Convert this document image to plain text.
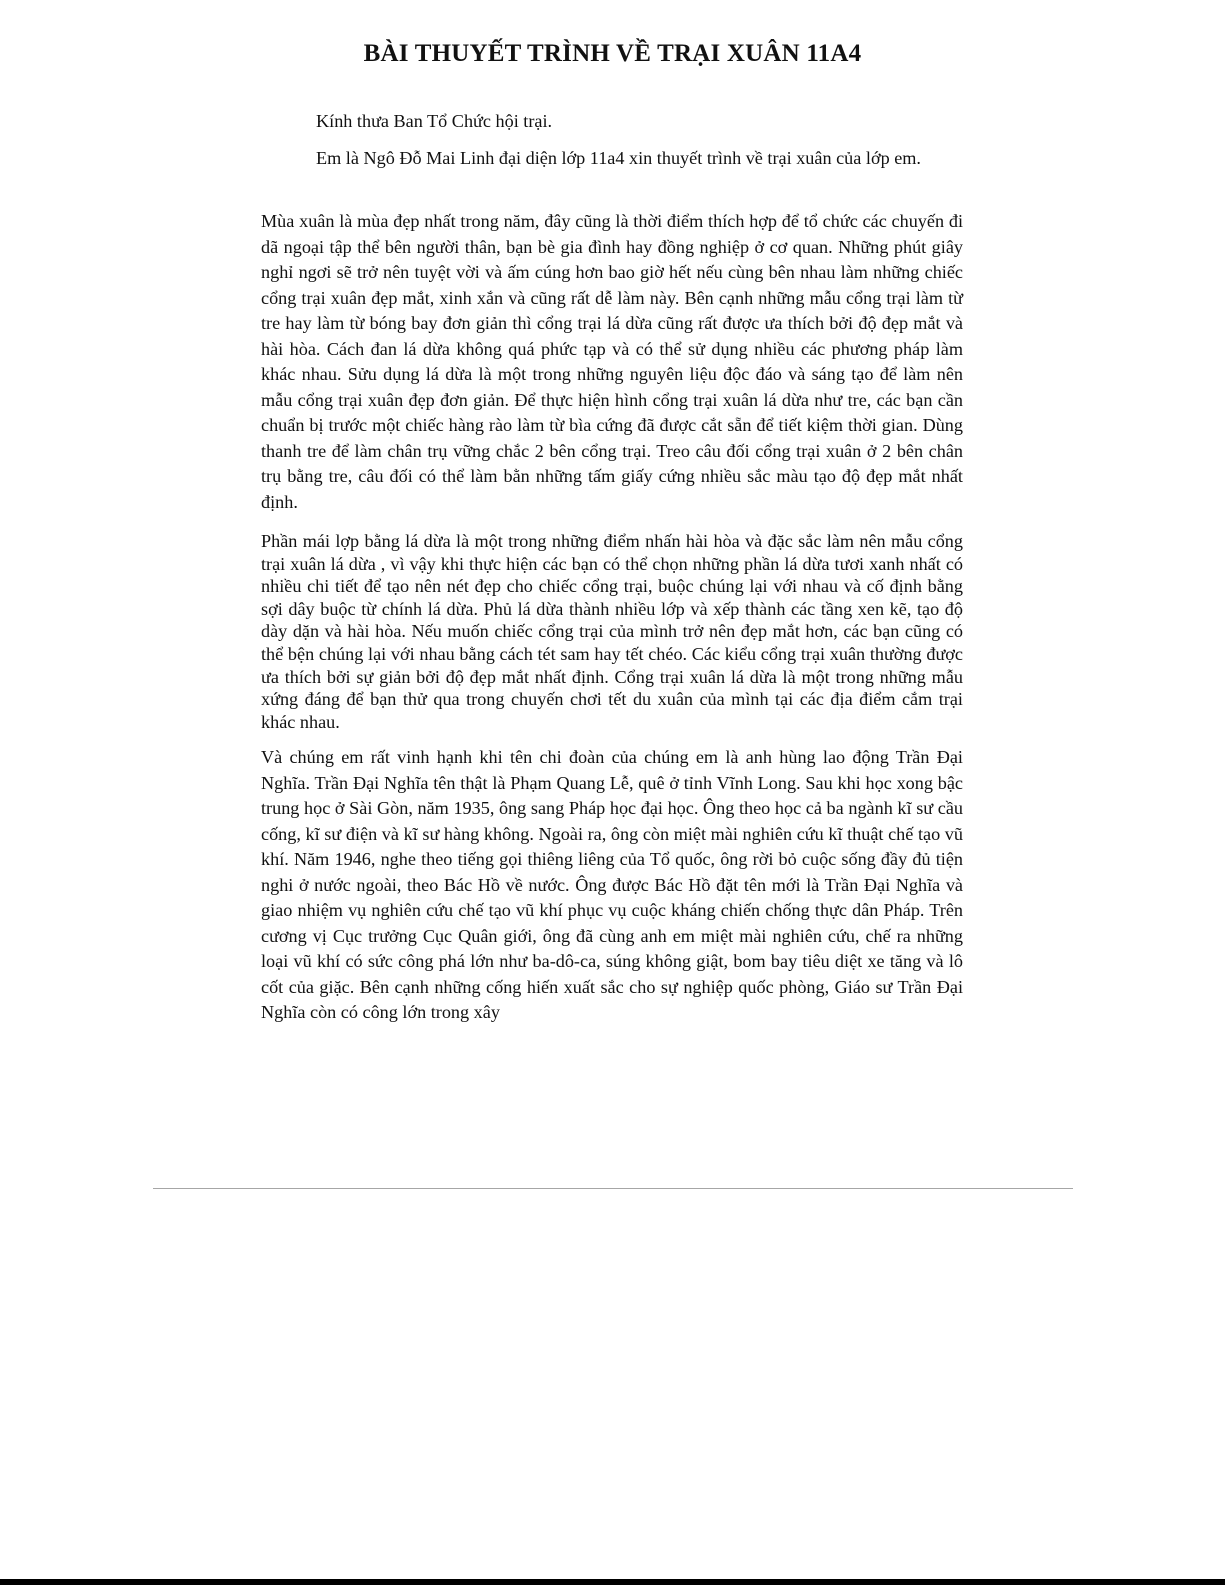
BÀI THUYẾT TRÌNH VỀ TRẠI XUÂN 11A4

Kính thưa Ban Tổ Chức hội trại.

Em là Ngô Đỗ Mai Linh đại diện lớp 11a4 xin thuyết trình về trại xuân của lớp em.

Mùa xuân là mùa đẹp nhất trong năm, đây cũng là thời điểm thích hợp để tổ chức các chuyến đi dã ngoại tập thể bên người thân, bạn bè gia đình hay đồng nghiệp ở cơ quan. Những phút giây nghỉ ngơi sẽ trở nên tuyệt vời và ấm cúng hơn bao giờ hết nếu cùng bên nhau làm những chiếc cổng trại xuân đẹp mắt, xinh xắn và cũng rất dễ làm này. Bên cạnh những mẫu cổng trại làm từ tre hay làm từ bóng bay đơn giản thì cổng trại lá dừa cũng rất được ưa thích bởi độ đẹp mắt và hài hòa. Cách đan lá dừa không quá phức tạp và có thể sử dụng nhiều các phương pháp làm khác nhau. Sửu dụng lá dừa là một trong những nguyên liệu độc đáo và sáng tạo để làm nên mẫu cổng trại xuân đẹp đơn giản. Để thực hiện hình cổng trại xuân lá dừa như tre, các bạn cần chuẩn bị trước một chiếc hàng rào làm từ bìa cứng đã được cắt sẵn để tiết kiệm thời gian. Dùng thanh tre để làm chân trụ vững chắc 2 bên cổng trại. Treo câu đối cổng trại xuân ở 2 bên chân trụ bằng tre, câu đối có thể làm bằn những tấm giấy cứng nhiều sắc màu tạo độ đẹp mắt nhất định.

Phần mái lợp bằng lá dừa là một trong những điểm nhấn hài hòa và đặc sắc làm nên mẫu cổng trại xuân lá dừa , vì vậy khi thực hiện các bạn có thể chọn những phần lá dừa tươi xanh nhất có nhiều chi tiết để tạo nên nét đẹp cho chiếc cổng trại, buộc chúng lại với nhau và cố định bằng sợi dây buộc từ chính lá dừa. Phủ lá dừa thành nhiều lớp và xếp thành các tầng xen kẽ, tạo độ dày dặn và hài hòa. Nếu muốn chiếc cổng trại của mình trở nên đẹp mắt hơn, các bạn cũng có thể bện chúng lại với nhau bằng cách tét sam hay tết chéo. Các kiểu cổng trại xuân thường được ưa thích bởi sự giản bởi độ đẹp mắt nhất định. Cổng trại xuân lá dừa là một trong những mẫu xứng đáng để bạn thử qua trong chuyến chơi tết du xuân của mình tại các địa điểm cắm trại khác nhau.

Và chúng em rất vinh hạnh khi tên chi đoàn của chúng em là anh hùng lao động Trần Đại Nghĩa. Trần Đại Nghĩa tên thật là Phạm Quang Lễ, quê ở tỉnh Vĩnh Long. Sau khi học xong bậc trung học ở Sài Gòn, năm 1935, ông sang Pháp học đại học. Ông theo học cả ba ngành kĩ sư cầu cống, kĩ sư điện và kĩ sư hàng không. Ngoài ra, ông còn miệt mài nghiên cứu kĩ thuật chế tạo vũ khí. Năm 1946, nghe theo tiếng gọi thiêng liêng của Tổ quốc, ông rời bỏ cuộc sống đầy đủ tiện nghi ở nước ngoài, theo Bác Hồ về nước. Ông được Bác Hồ đặt tên mới là Trần Đại Nghĩa và giao nhiệm vụ nghiên cứu chế tạo vũ khí phục vụ cuộc kháng chiến chống thực dân Pháp. Trên cương vị Cục trưởng Cục Quân giới, ông đã cùng anh em miệt mài nghiên cứu, chế ra những loại vũ khí có sức công phá lớn như ba-dô-ca, súng không giật, bom bay tiêu diệt xe tăng và lô cốt của giặc. Bên cạnh những cống hiến xuất sắc cho sự nghiệp quốc phòng, Giáo sư Trần Đại Nghĩa còn có công lớn trong xây
